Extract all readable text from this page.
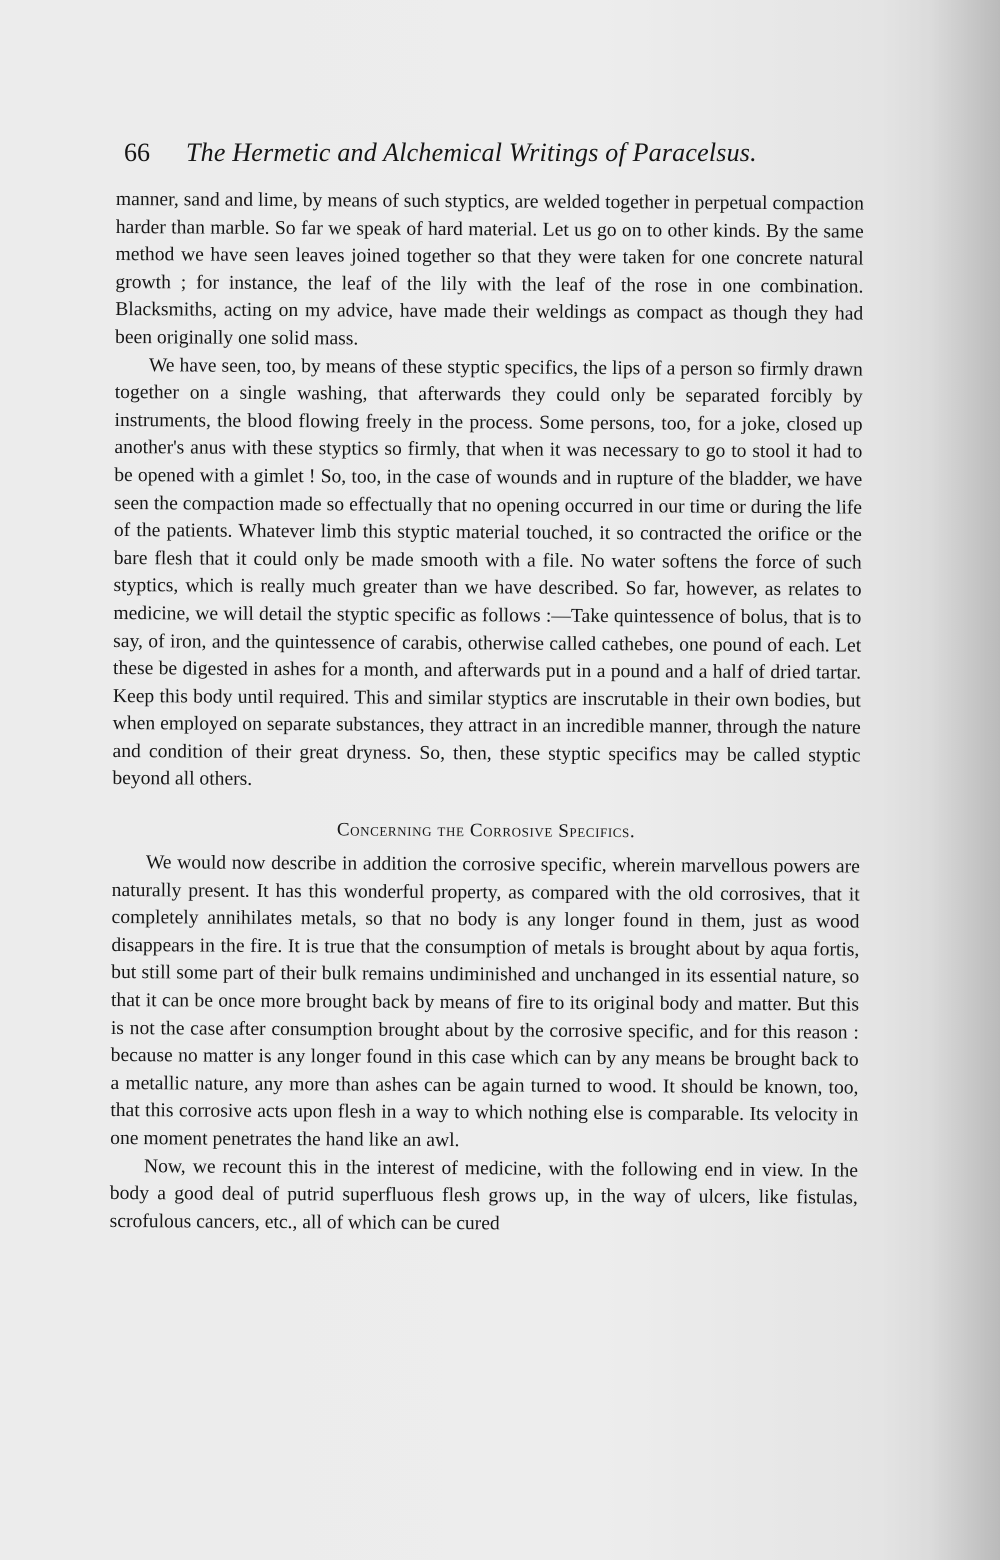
66 The Hermetic and Alchemical Writings of Paracelsus.

manner, sand and lime, by means of such styptics, are welded together in perpetual compaction harder than marble. So far we speak of hard material. Let us go on to other kinds. By the same method we have seen leaves joined together so that they were taken for one concrete natural growth ; for instance, the leaf of the lily with the leaf of the rose in one combination. Blacksmiths, acting on my advice, have made their weldings as compact as though they had been originally one solid mass.

We have seen, too, by means of these styptic specifics, the lips of a person so firmly drawn together on a single washing, that afterwards they could only be separated forcibly by instruments, the blood flowing freely in the process. Some persons, too, for a joke, closed up another's anus with these styptics so firmly, that when it was necessary to go to stool it had to be opened with a gimlet ! So, too, in the case of wounds and in rupture of the bladder, we have seen the compaction made so effectually that no opening occurred in our time or during the life of the patients. Whatever limb this styptic material touched, it so contracted the orifice or the bare flesh that it could only be made smooth with a file. No water softens the force of such styptics, which is really much greater than we have described. So far, however, as relates to medicine, we will detail the styptic specific as follows :—Take quintessence of bolus, that is to say, of iron, and the quintessence of carabis, otherwise called cathebes, one pound of each. Let these be digested in ashes for a month, and afterwards put in a pound and a half of dried tartar. Keep this body until required. This and similar styptics are inscrutable in their own bodies, but when employed on separate substances, they attract in an incredible manner, through the nature and condition of their great dryness. So, then, these styptic specifics may be called styptic beyond all others.

Concerning the Corrosive Specifics.

We would now describe in addition the corrosive specific, wherein marvellous powers are naturally present. It has this wonderful property, as compared with the old corrosives, that it completely annihilates metals, so that no body is any longer found in them, just as wood disappears in the fire. It is true that the consumption of metals is brought about by aqua fortis, but still some part of their bulk remains undiminished and unchanged in its essential nature, so that it can be once more brought back by means of fire to its original body and matter. But this is not the case after consumption brought about by the corrosive specific, and for this reason : because no matter is any longer found in this case which can by any means be brought back to a metallic nature, any more than ashes can be again turned to wood. It should be known, too, that this corrosive acts upon flesh in a way to which nothing else is comparable. Its velocity in one moment penetrates the hand like an awl.

Now, we recount this in the interest of medicine, with the following end in view. In the body a good deal of putrid superfluous flesh grows up, in the way of ulcers, like fistulas, scrofulous cancers, etc., all of which can be cured
